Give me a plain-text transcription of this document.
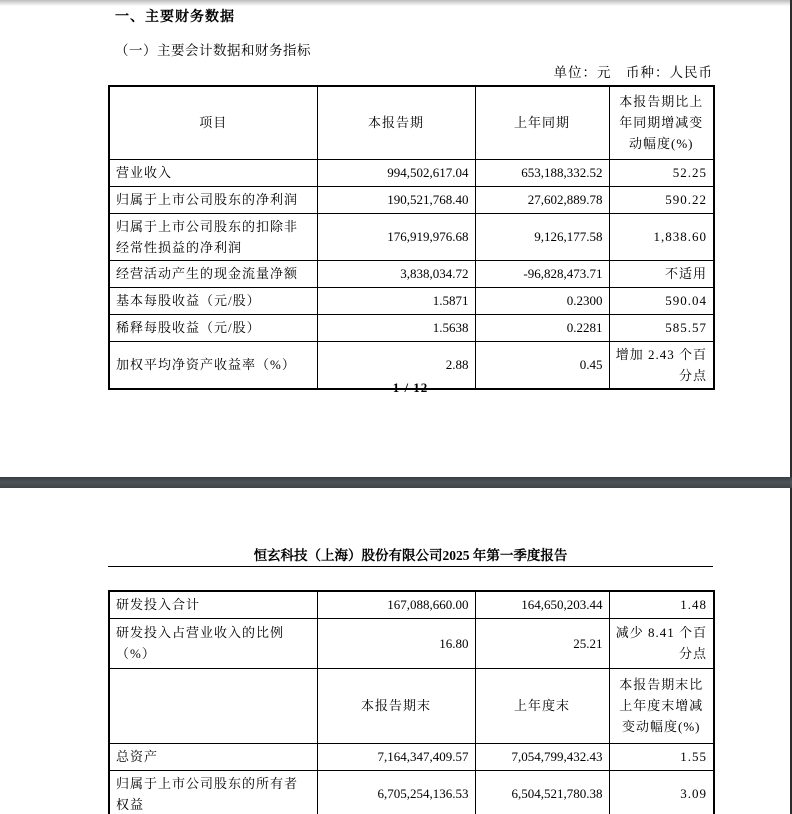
一、主要财务数据
（一）主要会计数据和财务指标
单位：元　币种：人民币
项目	本报告期	上年同期	本报告期比上年同期增减变动幅度(%)
营业收入	994,502,617.04	653,188,332.52	52.25
归属于上市公司股东的净利润	190,521,768.40	27,602,889.78	590.22
归属于上市公司股东的扣除非经常性损益的净利润	176,919,976.68	9,126,177.58	1,838.60
经营活动产生的现金流量净额	3,838,034.72	-96,828,473.71	不适用
基本每股收益（元/股）	1.5871	0.2300	590.04
稀释每股收益（元/股）	1.5638	0.2281	585.57
加权平均净资产收益率（%）	2.88	0.45	增加 2.43 个百分点
1 / 12
恒玄科技（上海）股份有限公司2025 年第一季度报告
研发投入合计	167,088,660.00	164,650,203.44	1.48
研发投入占营业收入的比例（%）	16.80	25.21	减少 8.41 个百分点
	本报告期末	上年度末	本报告期末比上年度末增减变动幅度(%)
总资产	7,164,347,409.57	7,054,799,432.43	1.55
归属于上市公司股东的所有者权益	6,705,254,136.53	6,504,521,780.38	3.09
